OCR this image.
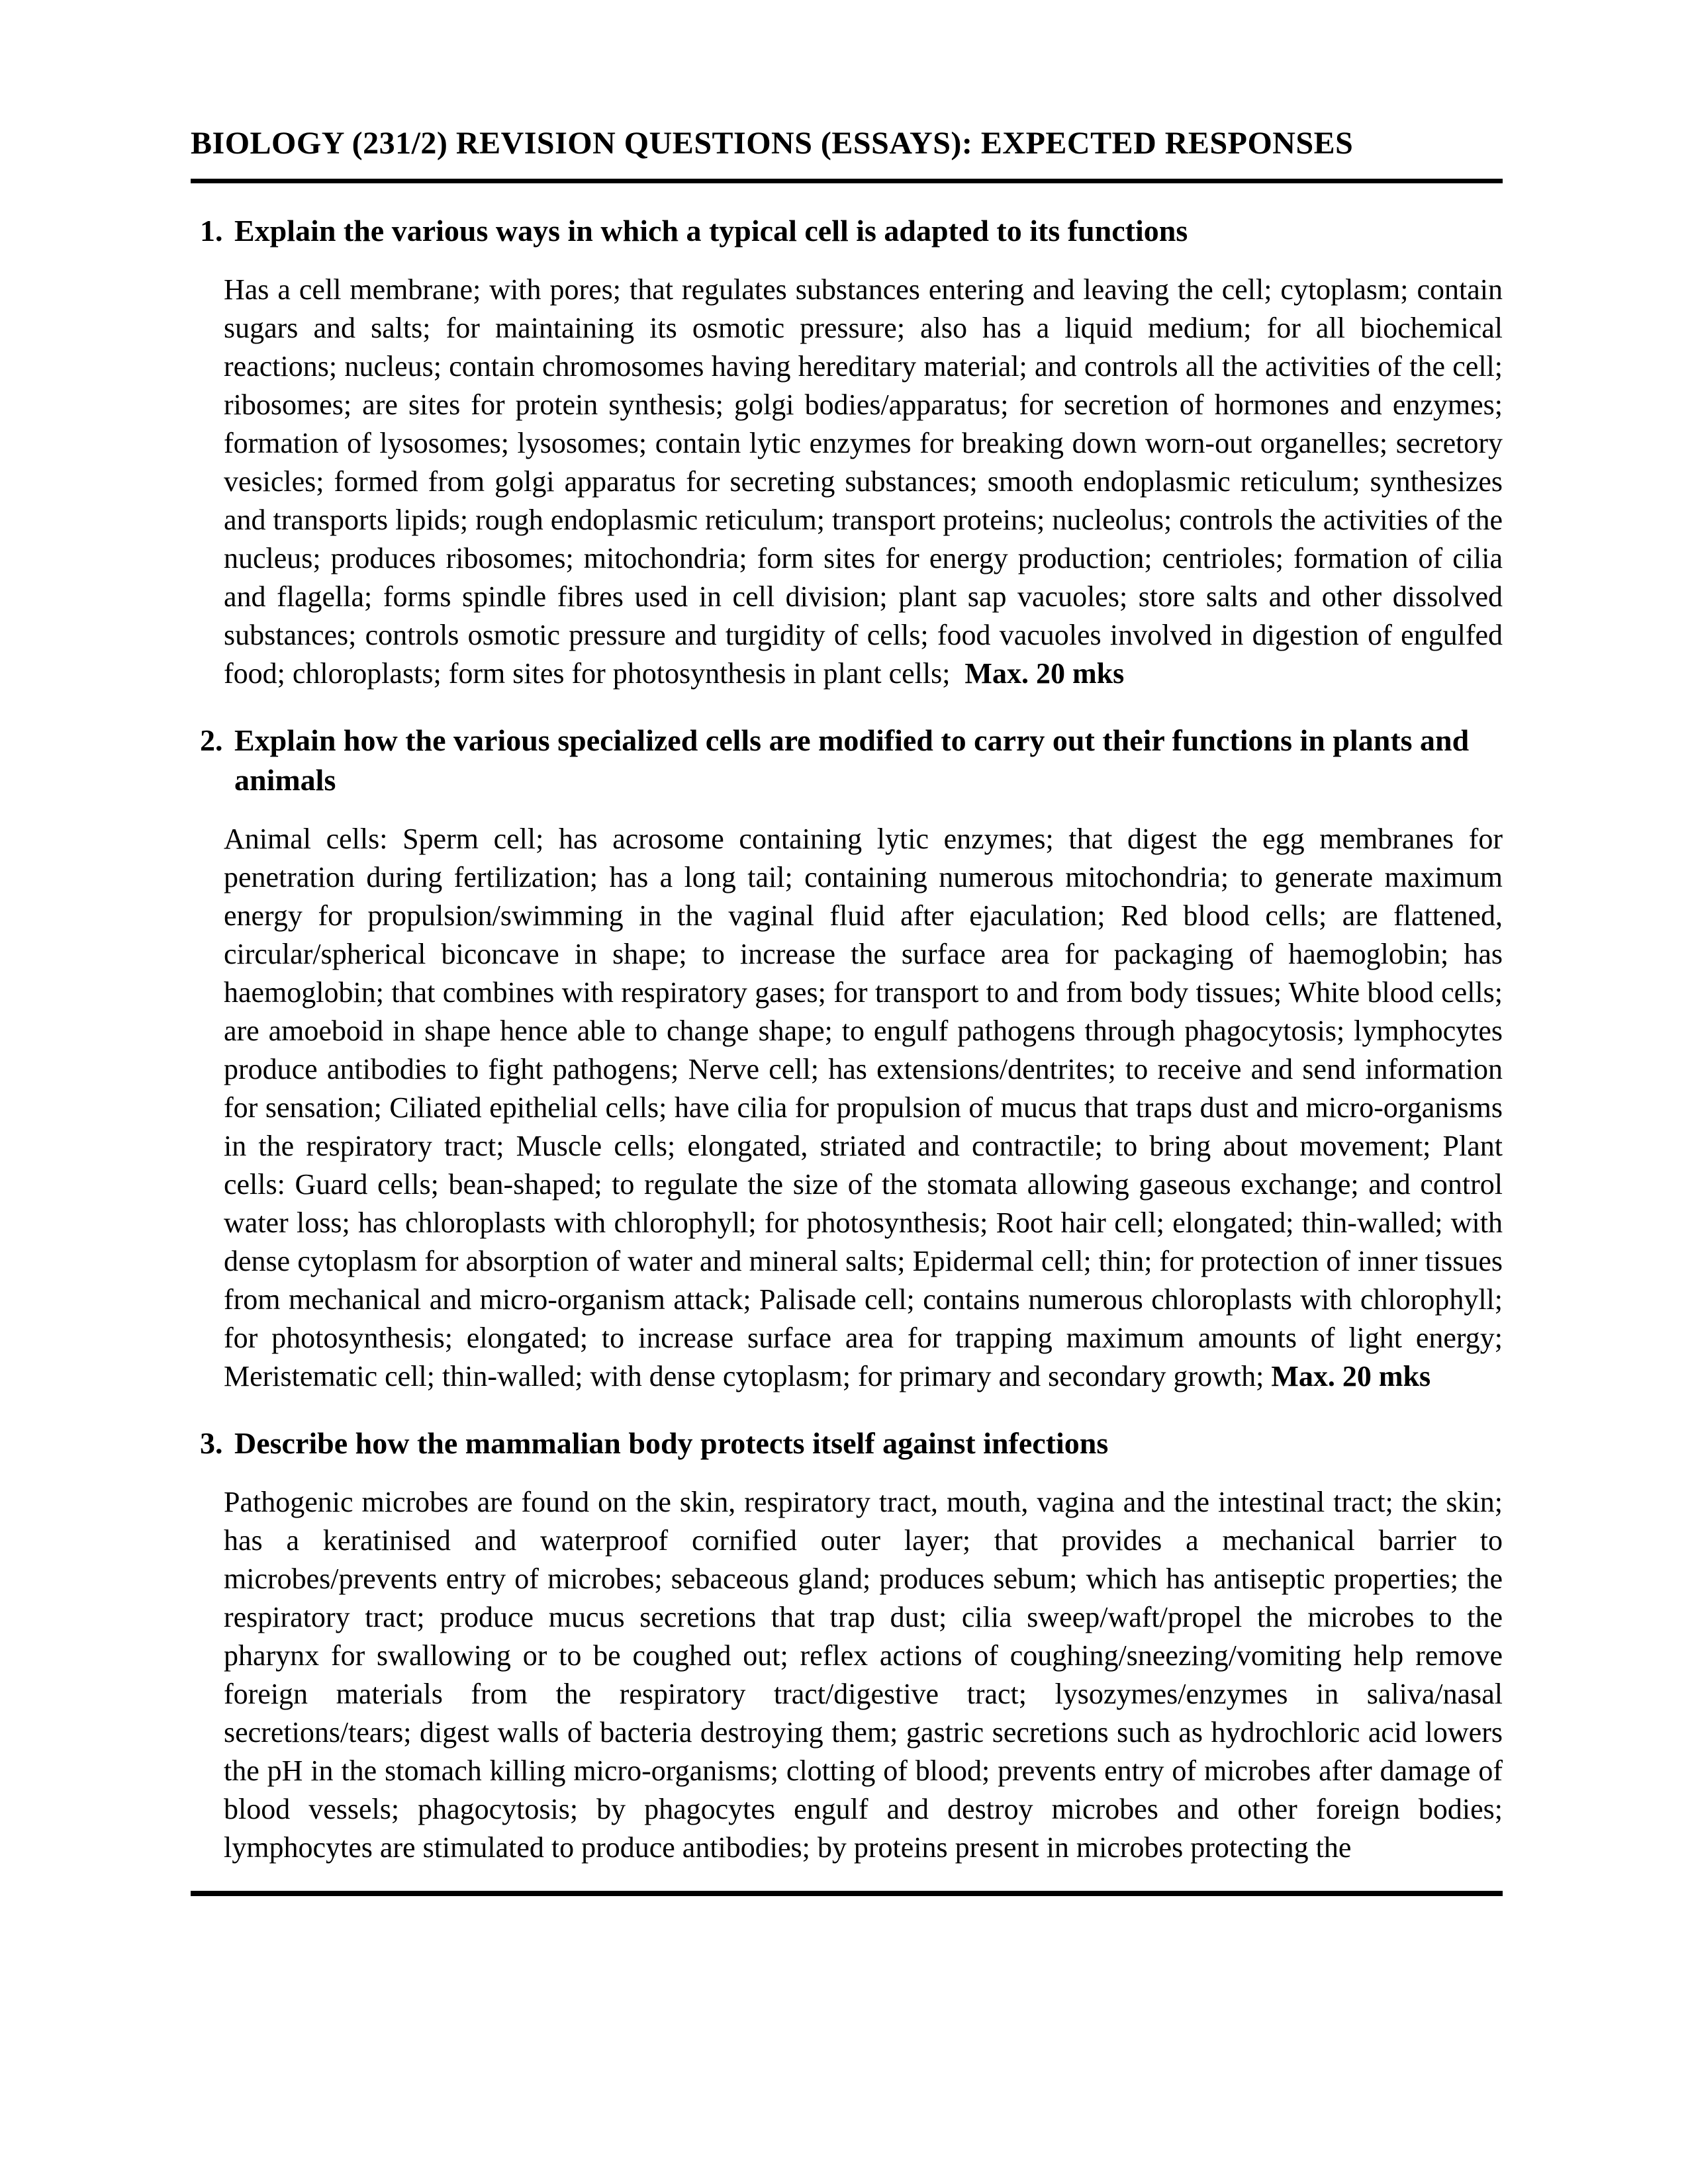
BIOLOGY (231/2) REVISION QUESTIONS (ESSAYS): EXPECTED RESPONSES
1. Explain the various ways in which a typical cell is adapted to its functions

Has a cell membrane; with pores; that regulates substances entering and leaving the cell; cytoplasm; contain sugars and salts; for maintaining its osmotic pressure; also has a liquid medium; for all biochemical reactions; nucleus; contain chromosomes having hereditary material; and controls all the activities of the cell; ribosomes; are sites for protein synthesis; golgi bodies/apparatus; for secretion of hormones and enzymes; formation of lysosomes; lysosomes; contain lytic enzymes for breaking down worn-out organelles; secretory vesicles; formed from golgi apparatus for secreting substances; smooth endoplasmic reticulum; synthesizes and transports lipids; rough endoplasmic reticulum; transport proteins; nucleolus; controls the activities of the nucleus; produces ribosomes; mitochondria; form sites for energy production; centrioles; formation of cilia and flagella; forms spindle fibres used in cell division; plant sap vacuoles; store salts and other dissolved substances; controls osmotic pressure and turgidity of cells; food vacuoles involved in digestion of engulfed food; chloroplasts; form sites for photosynthesis in plant cells;  Max. 20 mks

2. Explain how the various specialized cells are modified to carry out their functions in plants and animals

Animal cells: Sperm cell; has acrosome containing lytic enzymes; that digest the egg membranes for penetration during fertilization; has a long tail; containing numerous mitochondria; to generate maximum energy for propulsion/swimming in the vaginal fluid after ejaculation; Red blood cells; are flattened, circular/spherical biconcave in shape; to increase the surface area for packaging of haemoglobin; has haemoglobin; that combines with respiratory gases; for transport to and from body tissues; White blood cells; are amoeboid in shape hence able to change shape; to engulf pathogens through phagocytosis; lymphocytes produce antibodies to fight pathogens; Nerve cell; has extensions/dentrites; to receive and send information for sensation; Ciliated epithelial cells; have cilia for propulsion of mucus that traps dust and micro-organisms in the respiratory tract; Muscle cells; elongated, striated and contractile; to bring about movement; Plant cells: Guard cells; bean-shaped; to regulate the size of the stomata allowing gaseous exchange; and control water loss; has chloroplasts with chlorophyll; for photosynthesis; Root hair cell; elongated; thin-walled; with dense cytoplasm for absorption of water and mineral salts; Epidermal cell; thin; for protection of inner tissues from mechanical and micro-organism attack; Palisade cell; contains numerous chloroplasts with chlorophyll; for photosynthesis; elongated; to increase surface area for trapping maximum amounts of light energy; Meristematic cell; thin-walled; with dense cytoplasm; for primary and secondary growth; Max. 20 mks

3. Describe how the mammalian body protects itself against infections

Pathogenic microbes are found on the skin, respiratory tract, mouth, vagina and the intestinal tract; the skin; has a keratinised and waterproof cornified outer layer; that provides a mechanical barrier to microbes/prevents entry of microbes; sebaceous gland; produces sebum; which has antiseptic properties; the respiratory tract; produce mucus secretions that trap dust; cilia sweep/waft/propel the microbes to the pharynx for swallowing or to be coughed out; reflex actions of coughing/sneezing/vomiting help remove foreign materials from the respiratory tract/digestive tract; lysozymes/enzymes in saliva/nasal secretions/tears; digest walls of bacteria destroying them; gastric secretions such as hydrochloric acid lowers the pH in the stomach killing micro-organisms; clotting of blood; prevents entry of microbes after damage of blood vessels; phagocytosis; by phagocytes engulf and destroy microbes and other foreign bodies; lymphocytes are stimulated to produce antibodies; by proteins present in microbes protecting the
